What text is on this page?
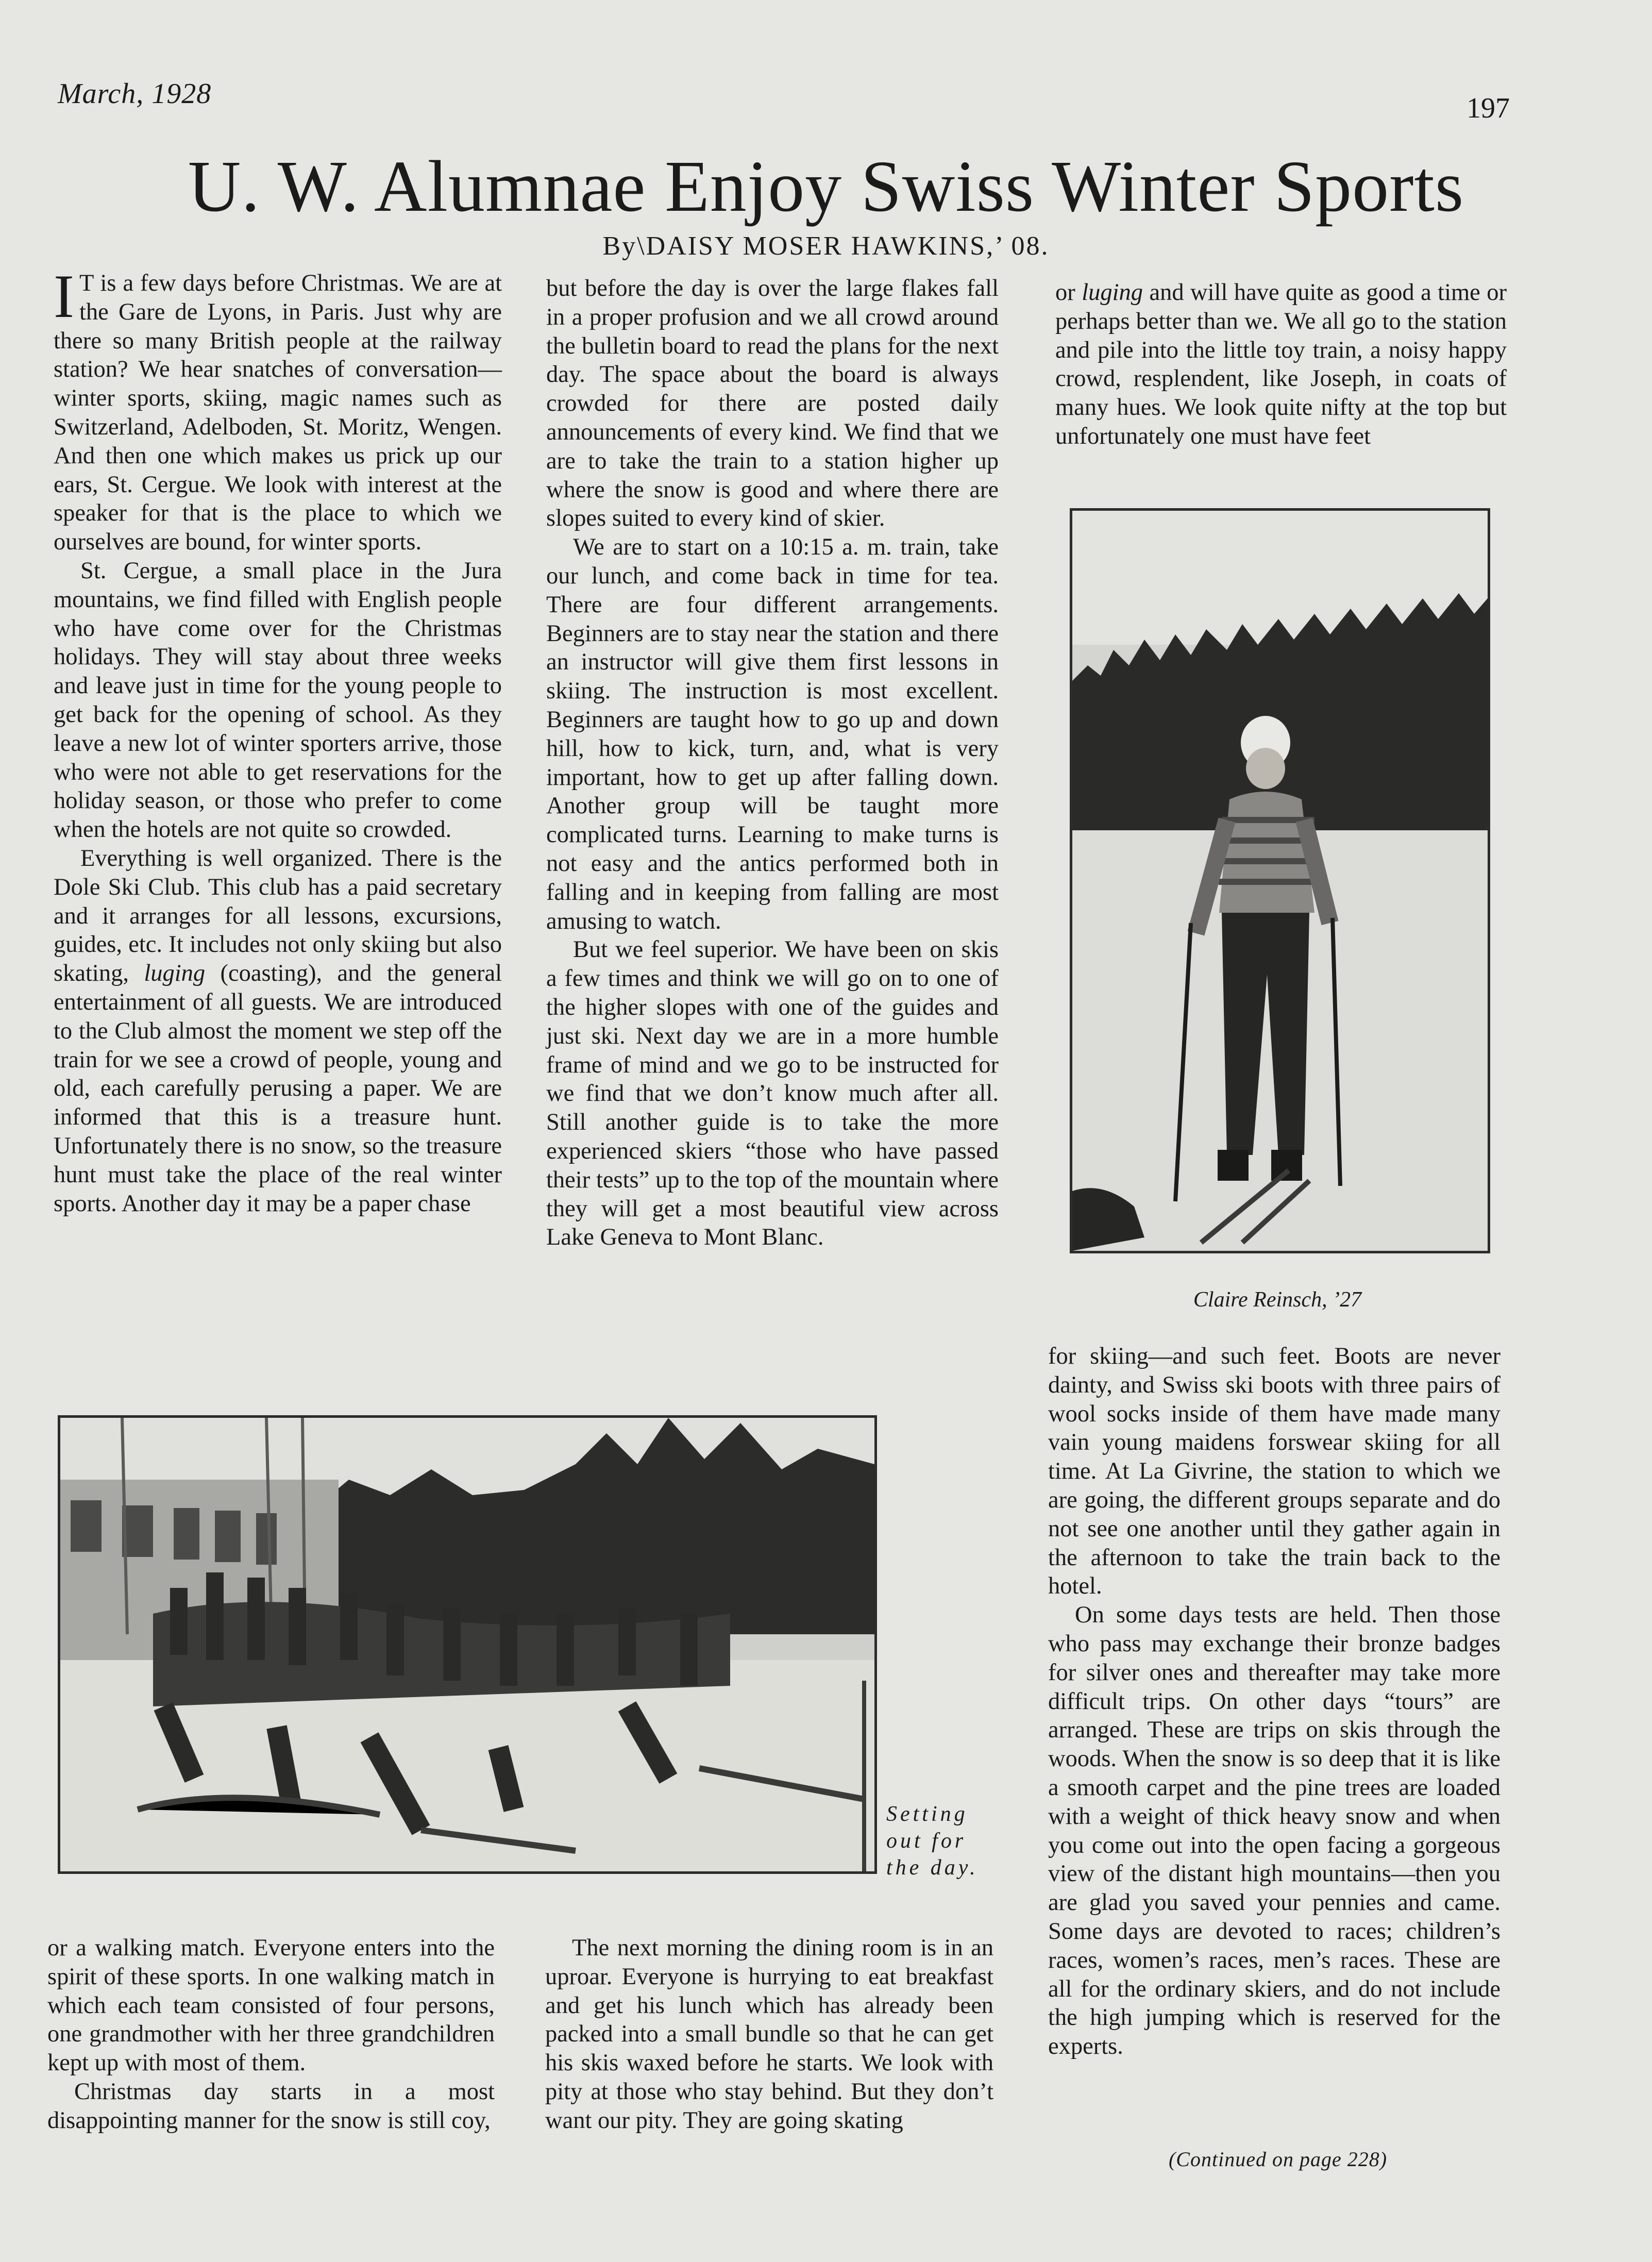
March, 1928	197
U. W. Alumnae Enjoy Swiss Winter Sports
By\DAISY MOSER HAWKINS,’ 08.

I T is a few days before Christmas. We are at the Gare de Lyons, in Paris. Just why are there so many British people at the railway station? We hear snatches of conversation—winter sports, skiing, magic names such as Switzerland, Adelboden, St. Moritz, Wengen. And then one which makes us prick up our ears, St. Cergue. We look with interest at the speaker for that is the place to which we ourselves are bound, for winter sports.

St. Cergue, a small place in the Jura mountains, we find filled with English people who have come over for the Christmas holidays. They will stay about three weeks and leave just in time for the young people to get back for the opening of school. As they leave a new lot of winter sporters arrive, those who were not able to get reservations for the holiday season, or those who prefer to come when the hotels are not quite so crowded.

Everything is well organized. There is the Dole Ski Club. This club has a paid secretary and it arranges for all lessons, excursions, guides, etc. It includes not only skiing but also skating, luging (coasting), and the general entertainment of all guests. We are introduced to the Club almost the moment we step off the train for we see a crowd of people, young and old, each carefully perusing a paper. We are informed that this is a treasure hunt. Unfortunately there is no snow, so the treasure hunt must take the place of the real winter sports. Another day it may be a paper chase

but before the day is over the large flakes fall in a proper profusion and we all crowd around the bulletin board to read the plans for the next day. The space about the board is always crowded for there are posted daily announcements of every kind. We find that we are to take the train to a station higher up where the snow is good and where there are slopes suited to every kind of skier.

We are to start on a 10:15 a. m. train, take our lunch, and come back in time for tea. There are four different arrangements. Beginners are to stay near the station and there an instructor will give them first lessons in skiing. The instruction is most excellent. Beginners are taught how to go up and down hill, how to kick, turn, and, what is very important, how to get up after falling down. Another group will be taught more complicated turns. Learning to make turns is not easy and the antics performed both in falling and in keeping from falling are most amusing to watch.

But we feel superior. We have been on skis a few times and think we will go on to one of the higher slopes with one of the guides and just ski. Next day we are in a more humble frame of mind and we go to be instructed for we find that we don’t know much after all. Still another guide is to take the more experienced skiers “those who have passed their tests” up to the top of the mountain where they will get a most beautiful view across Lake Geneva to Mont Blanc.

or luging and will have quite as good a time or perhaps better than we. We all go to the station and pile into the little toy train, a noisy happy crowd, resplendent, like Joseph, in coats of many hues. We look quite nifty at the top but unfortunately one must have feet

Claire Reinsch, ’27

for skiing—and such feet. Boots are never dainty, and Swiss ski boots with three pairs of wool socks inside of them have made many vain young maidens forswear skiing for all time. At La Givrine, the station to which we are going, the different groups separate and do not see one another until they gather again in the afternoon to take the train back to the hotel.

On some days tests are held. Then those who pass may exchange their bronze badges for silver ones and thereafter may take more difficult trips. On other days “tours” are arranged. These are trips on skis through the woods. When the snow is so deep that it is like a smooth carpet and the pine trees are loaded with a weight of thick heavy snow and when you come out into the open facing a gorgeous view of the distant high mountains—then you are glad you saved your pennies and came. Some days are devoted to races; children’s races, women’s races, men’s races. These are all for the ordinary skiers, and do not include the high jumping which is reserved for the experts.

(Continued on page 228)
Setting out for the day.

or a walking match. Everyone enters into the spirit of these sports. In one walking match in which each team consisted of four persons, one grandmother with her three grandchildren kept up with most of them.

Christmas day starts in a most disappointing manner for the snow is still coy,

The next morning the dining room is in an uproar. Everyone is hurrying to eat breakfast and get his lunch which has already been packed into a small bundle so that he can get his skis waxed before he starts. We look with pity at those who stay behind. But they don’t want our pity. They are going skating
